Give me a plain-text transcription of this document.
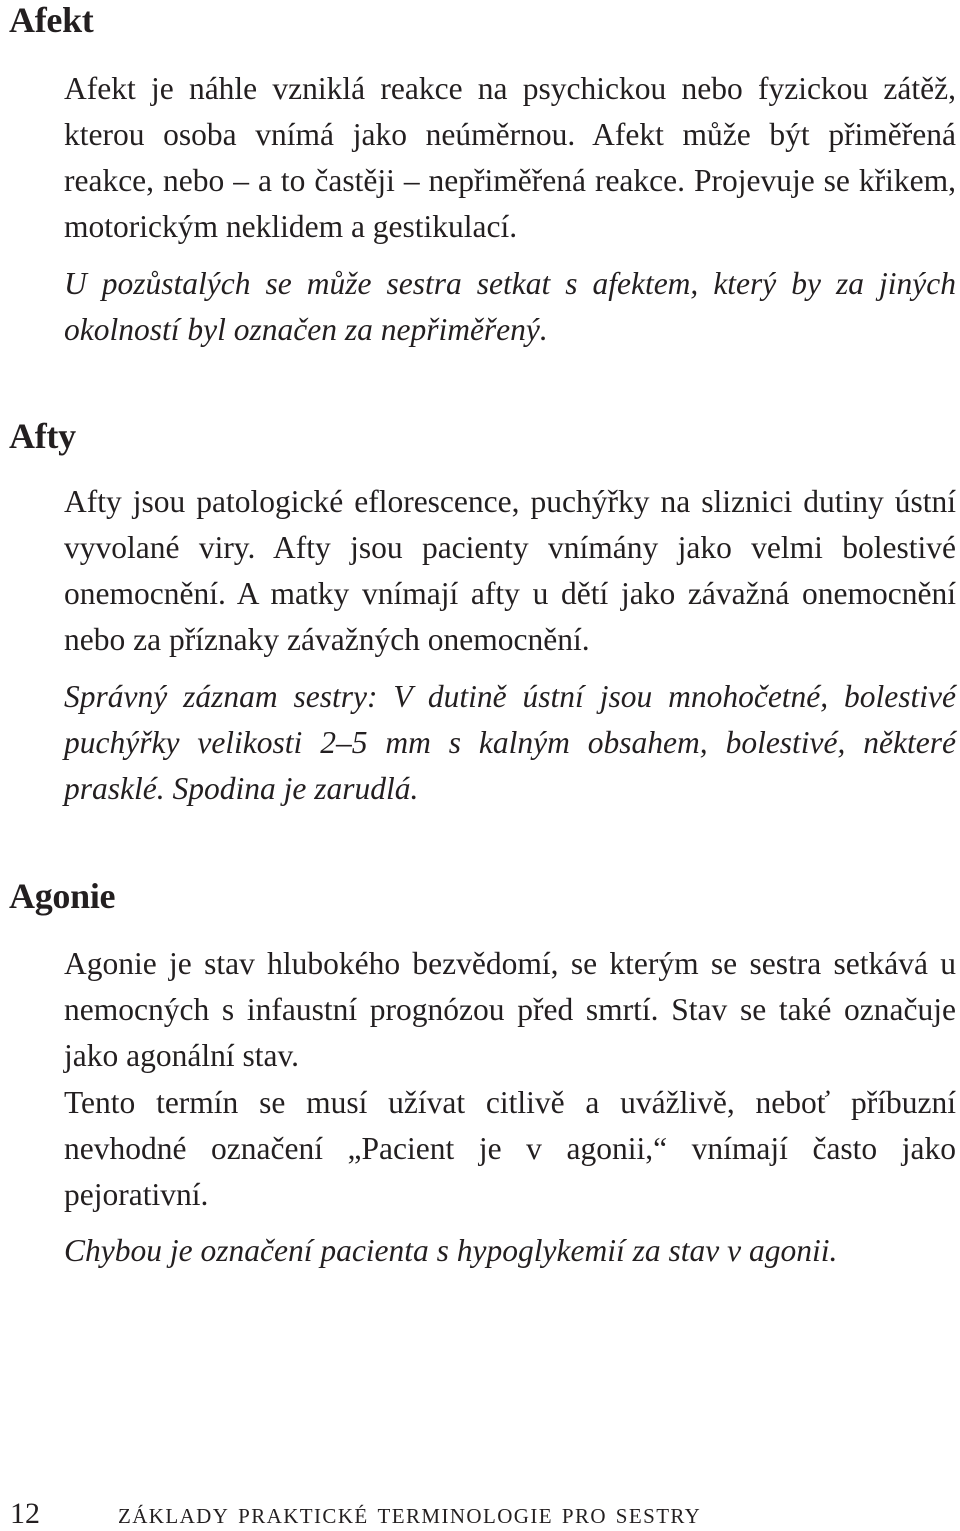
Afekt

Afekt je náhle vzniklá reakce na psychickou nebo fyzickou zátěž, kterou osoba vnímá jako neúměrnou. Afekt může být přiměřená reakce, nebo – a to častěji – nepřiměřená reakce. Projevuje se křikem, motorickým neklidem a gestikulací.

U pozůstalých se může sestra setkat s afektem, který by za jiných okolností byl označen za nepřiměřený.

Afty

Afty jsou patologické eflorescence, puchýřky na sliznici dutiny ústní vyvolané viry. Afty jsou pacienty vnímány jako velmi bolestivé onemocnění. A matky vnímají afty u dětí jako závažná onemocnění nebo za příznaky závažných onemocnění.

Správný záznam sestry: V dutině ústní jsou mnohočetné, bolestivé puchýřky velikosti 2–5 mm s kalným obsahem, bolestivé, některé prasklé. Spodina je zarudlá.

Agonie

Agonie je stav hlubokého bezvědomí, se kterým se sestra setkává u nemocných s infaustní prognózou před smrtí. Stav se také označuje jako agonální stav.

Tento termín se musí užívat citlivě a uvážlivě, neboť příbuzní nevhodné označení „Pacient je v agonii,“ vnímají často jako pejorativní.

Chybou je označení pacienta s hypoglykemií za stav v agonii.

12	základy praktické terminologie pro sestry
